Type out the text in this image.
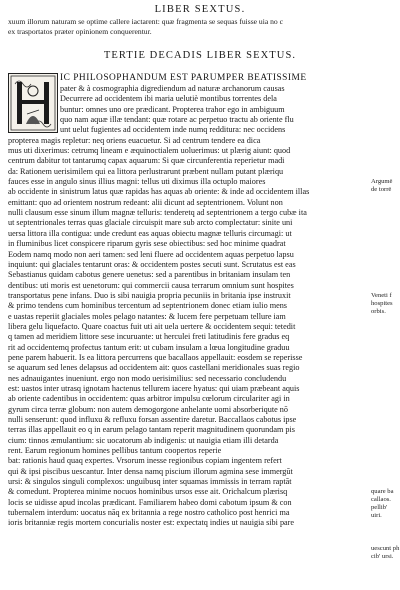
LIBER SEXTUS.
xuum illorum naturam se optime callere iactarent: quæ fragmenta se sequas fuisse uia no c
ex trasportatos præter opinionem conquerentur.
TERTIE DECADIS LIBER SEXTUS.
IC PHILOSOPHANDUM EST PARUMPER BEATISSIME
pater & à cosmographia digrediendum ad naturæ archanorum causas
Decurrere ad occidentem ibi maria uelutiè montibus torrentes dela
buntur: omnes uno ore prædicant. Propterea trahor ego in ambiguum
quo nam aquæ illæ tendant: quæ rotare ac perpetuo tractu ab oriente flu
unt uelut fugientes ad occidentem inde numq redditura: nec occidens
propterea magis repletur: neq oriens euacuetur. Si ad centrum tendere ea dica
mus uti dixerimus: cetrumq lineam e æquinoctialem uoluerimus: ut plærig aiunt: quod
centrum dabitur tot tantarumq capax aquarum: Si quæ circunferentia reperietur madi
da: Rationem uerisimilem qui ea littora perlustrarunt præbent nullam putant plæriqu
fauces esse in angulo sinus illius magni: tellus uti diximus illa octuplo maiores
ab occidente in sinistrum latus quæ rapidas has aquas ab oriente: & inde ad occidentem illas
emittant: quo ad orientem nostrum redeant: alii dicunt ad septentrionem. Volunt non
nulli clausum esse sinum illum magnæ telluris: tenderetq ad septentrionem a tergo cubæ ita
ut septentrionales terras quas glaciale circuispit mare sub arcto complectatur: sinite uni
uersa littora illa contigua: unde credunt eas aquas obiectu magnæ telluris circumagi: ut
in fluminibus licet conspicere riparum gyris sese obiectibus: sed hoc minime quadrat
Eodem namq modo non aeri tamen: sed leni fluere ad occidentem aquas perpetuo lapsu
inquiunt: qui glaciales tentarunt oras: & occidentem postes secuti sunt. Scrutatus est eas
Sebastianus quidam cabotus genere uenetus: sed a parentibus in britaniam insulam ten
dentibus: uti moris est uenetorum: qui commercii causa terrarum omnium sunt hospites
transportatus pene infans. Duo is sibi nauigia propria pecuniis in britania ipse instruxit
& primo tendens cum hominibus tercentum ad septentrionem donec etiam iulio mens
e uastas reperiit glaciales moles pelago natantes: & lucem fere perpetuam tellure iam
libera gelu liquefacto. Quare coactus fuit uti ait uela uertere & occidentem sequi: tetedit
q tamen ad meridiem littore sese incuruante: ut herculei freti latitudinis fere gradus eq
rit ad occidentemq profectus tantum erit: ut cubam insulam a lœua longitudine graduu
pene parem habuerit. Is ea littora percurrens que bacallaos appellauit: eosdem se reperisse
se aquarum sed lenes delapsus ad occidentem ait: quos castellani meridionales suas regio
nes adnauigantes inueniunt. ergo non modo uerisimilius: sed necessario concludendu
est: uastos inter utrasq ignotam hactenus tellurem iacere hyatus: qui uiam præbeant aquis
ab oriente cadentibus in occidentem: quas arbitror impulsu cœlorum circulariter agi in
gyrum circa terræ globum: non autem demogorgone anhelante uomi absorberiqute nō
nulli senserunt: quod influxu & refluxu forsan assentire daretur. Baccallaos cabotus ipse
terras illas appellauit eo q in earum pelago tantam reperit magnitudinem quorundam pis
cium: tinnos æmulantium: sic uocatorum ab indigenis: ut nauigia etiam illi detarda
rent. Earum regionum homines pellibus tantum coopertos reperie
bat: rationis haud quaq expertes. Vrsorum inesse regionibus copiam ingentem refert
qui & ipsi piscibus uescantur. Inter densa namq piscium illorum agmina sese immergūt
ursi: & singulos singuli complexos: unguibusq inter squamas immissis in terram raptāt
& comedunt. Propterea minime nocuos hominibus ursos esse ait. Orichalcum plærisq
locis se uidisse apud incolas prædicant. Familiarem habeo domi cabotum ipsum & con
tubernalem interdum: uocatus nāq ex britannia a rege nostro catholico post henrici ma
ioris britanniæ regis mortem concurialis noster est: expectatq indies ut nauigia sibi pare
Argumē
de torrē
Veneti f
hospites
orbis.
quare ba
callaos.
pellib'
uiri.
uescunt ph
cib' ursi.
